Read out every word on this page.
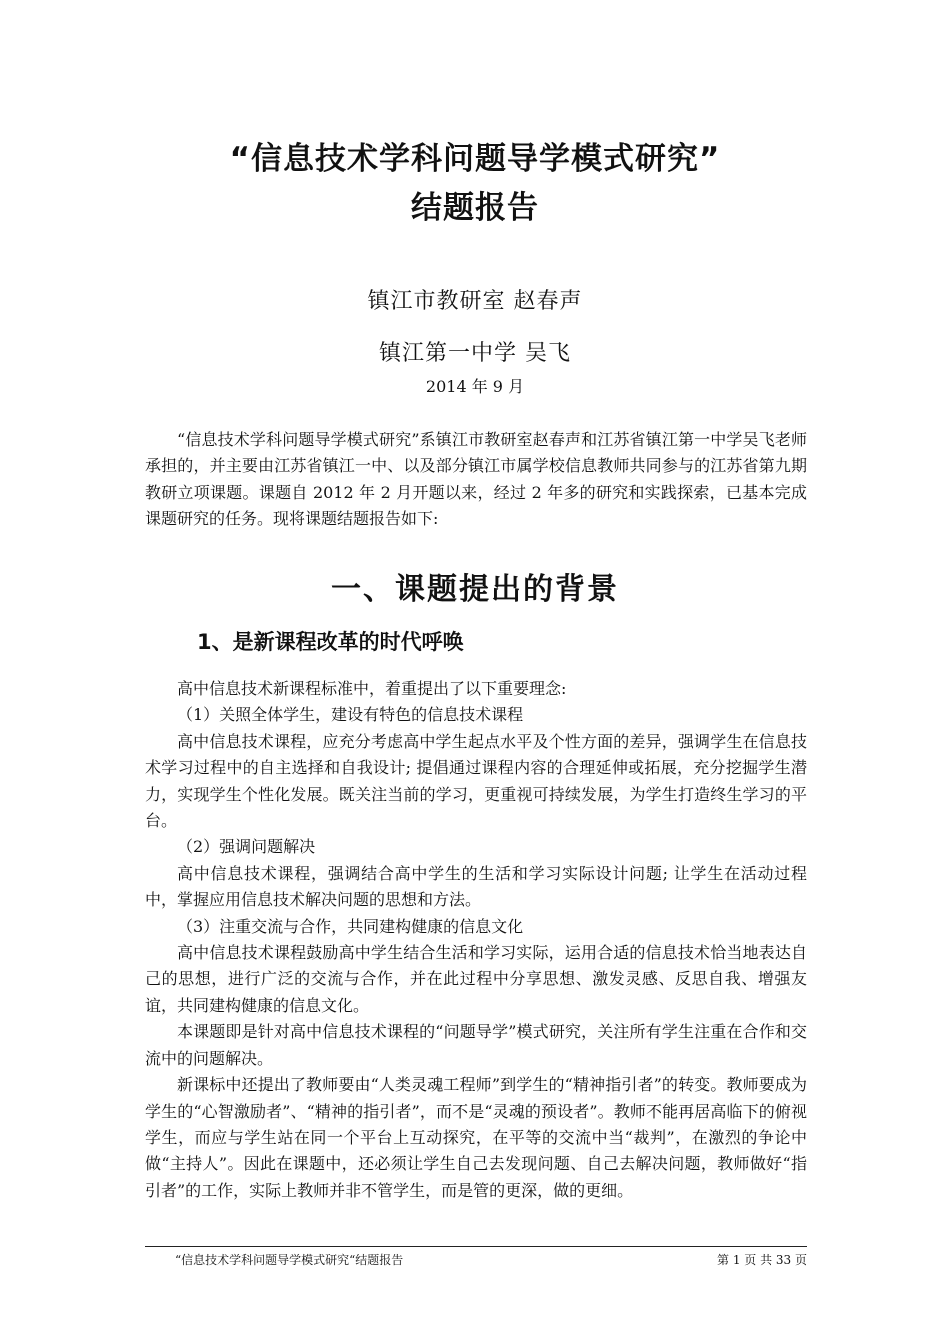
“信息技术学科问题导学模式研究”
结题报告
镇江市教研室 赵春声
镇江第一中学 吴飞
2014 年 9 月

“信息技术学科问题导学模式研究”系镇江市教研室赵春声和江苏省镇江第一中学吴飞老师承担的，并主要由江苏省镇江一中、以及部分镇江市属学校信息教师共同参与的江苏省第九期教研立项课题。课题自 2012 年 2 月开题以来，经过 2 年多的研究和实践探索，已基本完成课题研究的任务。现将课题结题报告如下:

一、课题提出的背景
1、是新课程改革的时代呼唤

高中信息技术新课程标准中，着重提出了以下重要理念:

（1）关照全体学生，建设有特色的信息技术课程

高中信息技术课程，应充分考虑高中学生起点水平及个性方面的差异，强调学生在信息技术学习过程中的自主选择和自我设计; 提倡通过课程内容的合理延伸或拓展，充分挖掘学生潜力，实现学生个性化发展。既关注当前的学习，更重视可持续发展，为学生打造终生学习的平台。

（2）强调问题解决

高中信息技术课程，强调结合高中学生的生活和学习实际设计问题; 让学生在活动过程中，掌握应用信息技术解决问题的思想和方法。

（3）注重交流与合作，共同建构健康的信息文化

高中信息技术课程鼓励高中学生结合生活和学习实际，运用合适的信息技术恰当地表达自己的思想，进行广泛的交流与合作，并在此过程中分享思想、激发灵感、反思自我、增强友谊，共同建构健康的信息文化。

本课题即是针对高中信息技术课程的“问题导学”模式研究，关注所有学生注重在合作和交流中的问题解决。

新课标中还提出了教师要由“人类灵魂工程师”到学生的“精神指引者”的转变。教师要成为学生的“心智激励者”、“精神的指引者”，而不是“灵魂的预设者”。教师不能再居高临下的俯视学生，而应与学生站在同一个平台上互动探究，在平等的交流中当“裁判”，在激烈的争论中做“主持人”。因此在课题中，还必须让学生自己去发现问题、自己去解决问题，教师做好“指引者”的工作，实际上教师并非不管学生，而是管的更深，做的更细。

“信息技术学科问题导学模式研究“结题报告	第 1 页 共 33 页
